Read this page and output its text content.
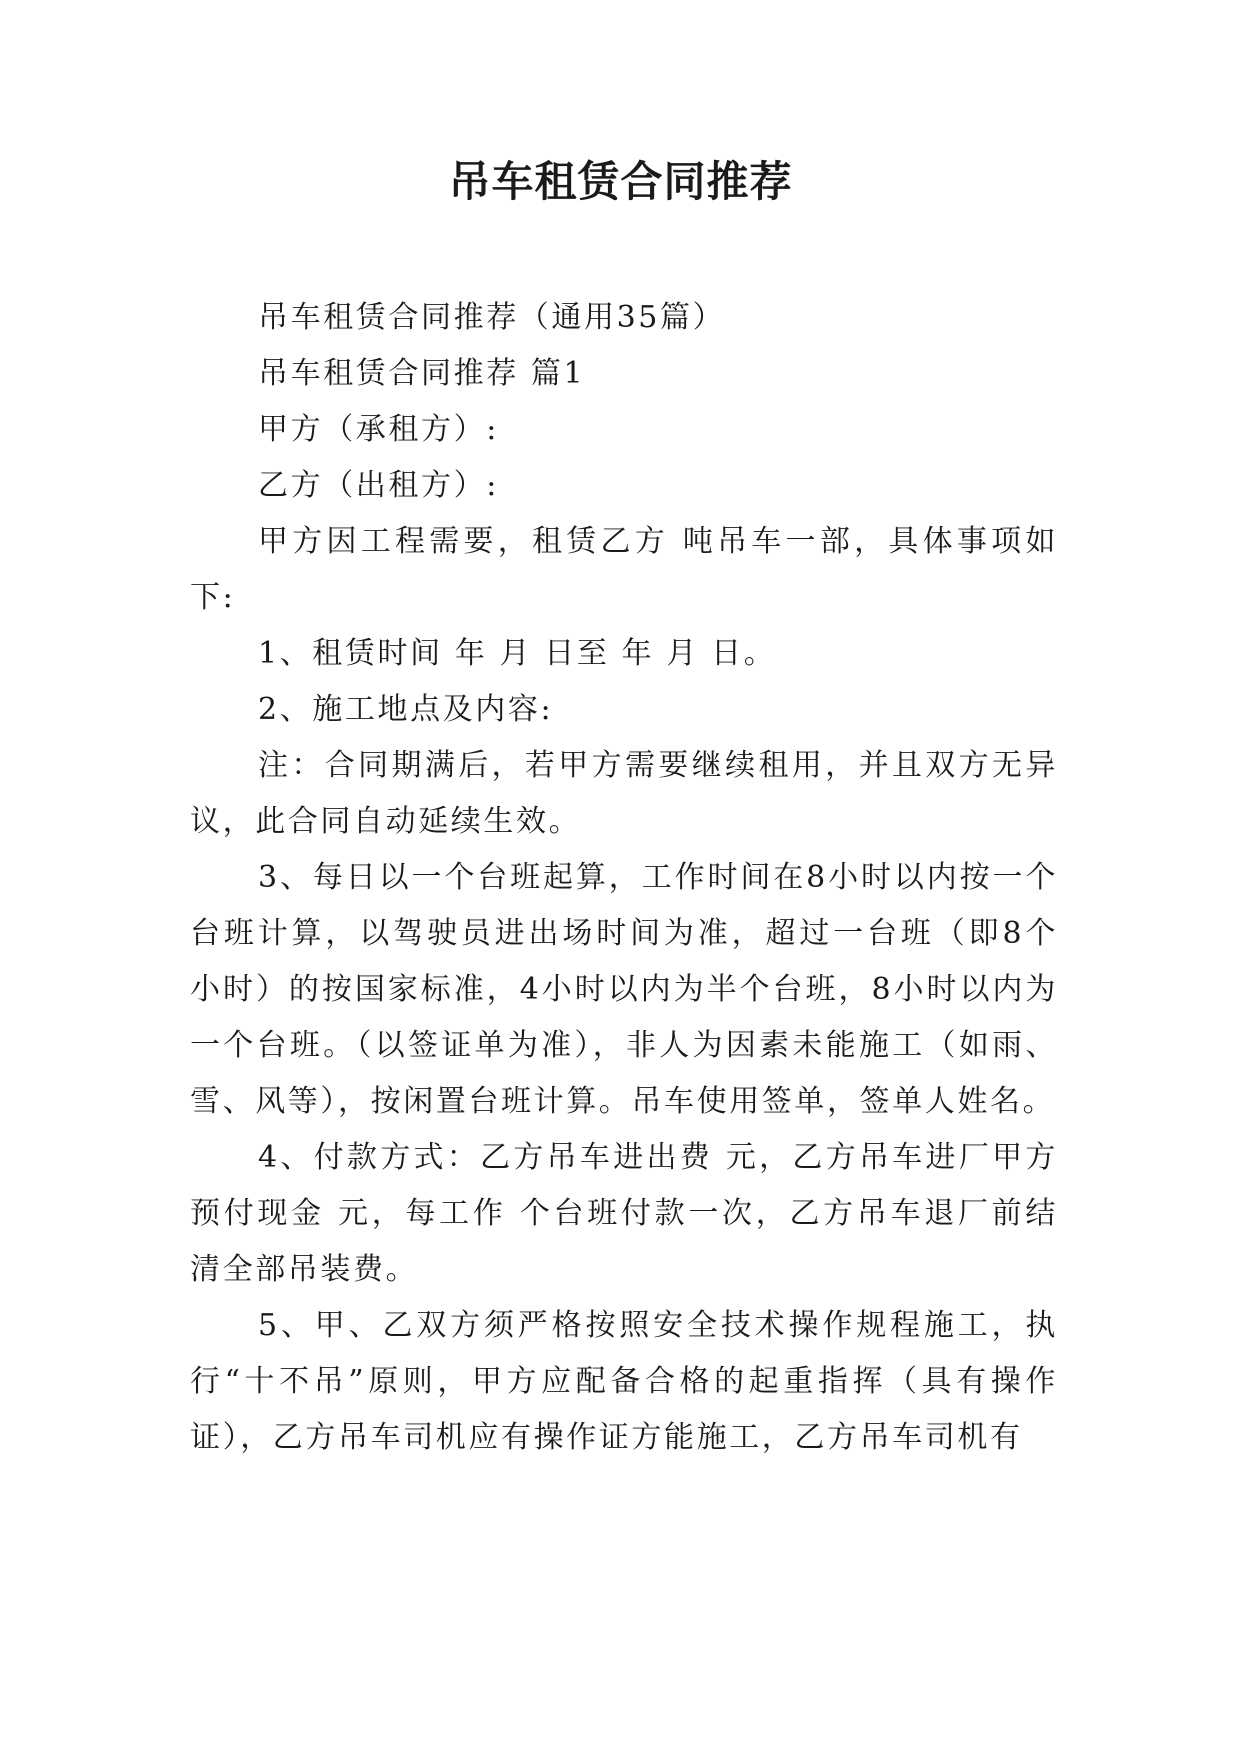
吊车租赁合同推荐

吊车租赁合同推荐（通用35篇）

吊车租赁合同推荐 篇1

甲方（承租方）:

乙方（出租方）:

甲方因工程需要，租赁乙方 吨吊车一部，具体事项如下:

1、租赁时间 年 月 日至 年 月 日。

2、施工地点及内容:

注：合同期满后，若甲方需要继续租用，并且双方无异议，此合同自动延续生效。

3、每日以一个台班起算，工作时间在8小时以内按一个台班计算，以驾驶员进出场时间为准，超过一台班（即8个小时）的按国家标准，4小时以内为半个台班，8小时以内为一个台班。（以签证单为准），非人为因素未能施工（如雨、雪、风等），按闲置台班计算。吊车使用签单，签单人姓名。

4、付款方式：乙方吊车进出费 元，乙方吊车进厂甲方预付现金 元，每工作 个台班付款一次，乙方吊车退厂前结清全部吊装费。

5、甲、乙双方须严格按照安全技术操作规程施工，执行“十不吊”原则，甲方应配备合格的起重指挥（具有操作证），乙方吊车司机应有操作证方能施工，乙方吊车司机有
